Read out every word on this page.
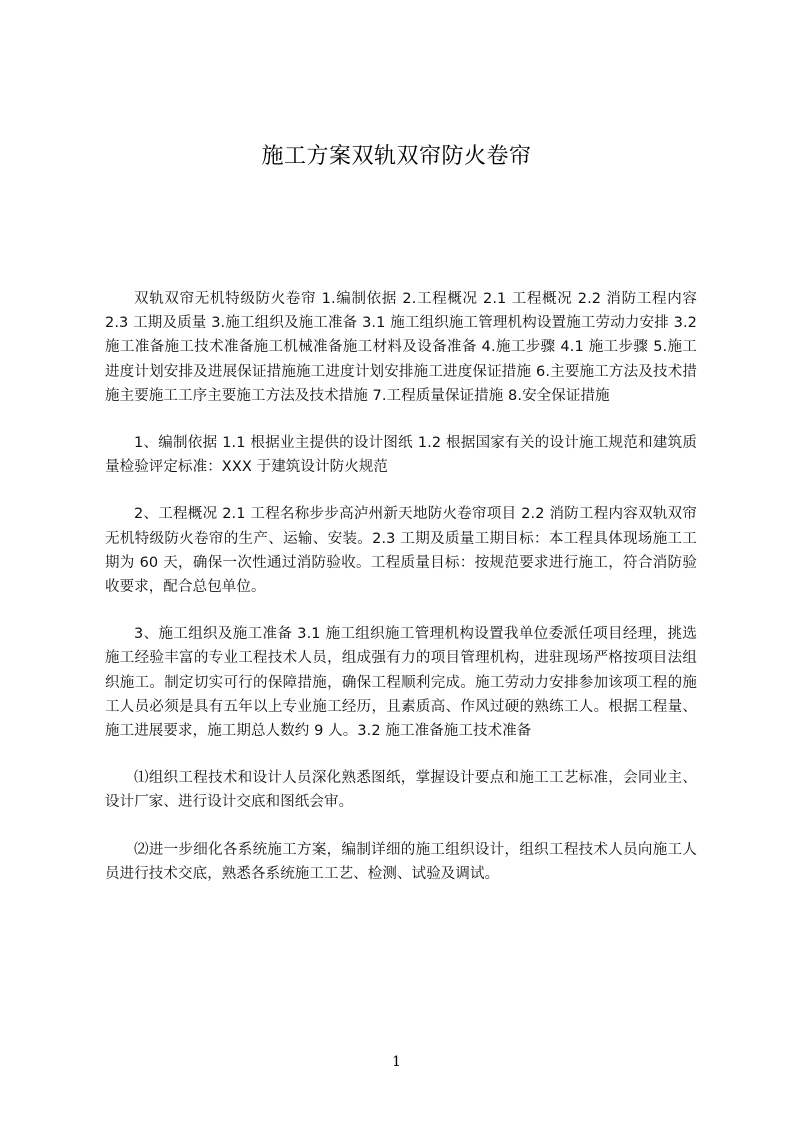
施工方案双轨双帘防火卷帘

双轨双帘无机特级防火卷帘 1.编制依据 2.工程概况 2.1 工程概况 2.2 消防工程内容 2.3 工期及质量 3.施工组织及施工准备 3.1 施工组织施工管理机构设置施工劳动力安排 3.2 施工准备施工技术准备施工机械准备施工材料及设备准备 4.施工步骤 4.1 施工步骤 5.施工进度计划安排及进展保证措施施工进度计划安排施工进度保证措施 6.主要施工方法及技术措施主要施工工序主要施工方法及技术措施 7.工程质量保证措施 8.安全保证措施

1、编制依据 1.1 根据业主提供的设计图纸 1.2 根据国家有关的设计施工规范和建筑质量检验评定标准：XXX 于建筑设计防火规范

2、工程概况 2.1 工程名称步步高泸州新天地防火卷帘项目 2.2 消防工程内容双轨双帘无机特级防火卷帘的生产、运输、安装。2.3 工期及质量工期目标：本工程具体现场施工工期为 60 天，确保一次性通过消防验收。工程质量目标：按规范要求进行施工，符合消防验收要求，配合总包单位。

3、施工组织及施工准备 3.1 施工组织施工管理机构设置我单位委派任项目经理，挑选施工经验丰富的专业工程技术人员，组成强有力的项目管理机构，进驻现场严格按项目法组织施工。制定切实可行的保障措施，确保工程顺利完成。施工劳动力安排参加该项工程的施工人员必须是具有五年以上专业施工经历，且素质高、作风过硬的熟练工人。根据工程量、施工进展要求，施工期总人数约 9 人。3.2 施工准备施工技术准备

⑴组织工程技术和设计人员深化熟悉图纸，掌握设计要点和施工工艺标准，会同业主、设计厂家、进行设计交底和图纸会审。

⑵进一步细化各系统施工方案，编制详细的施工组织设计，组织工程技术人员向施工人员进行技术交底，熟悉各系统施工工艺、检测、试验及调试。

1
